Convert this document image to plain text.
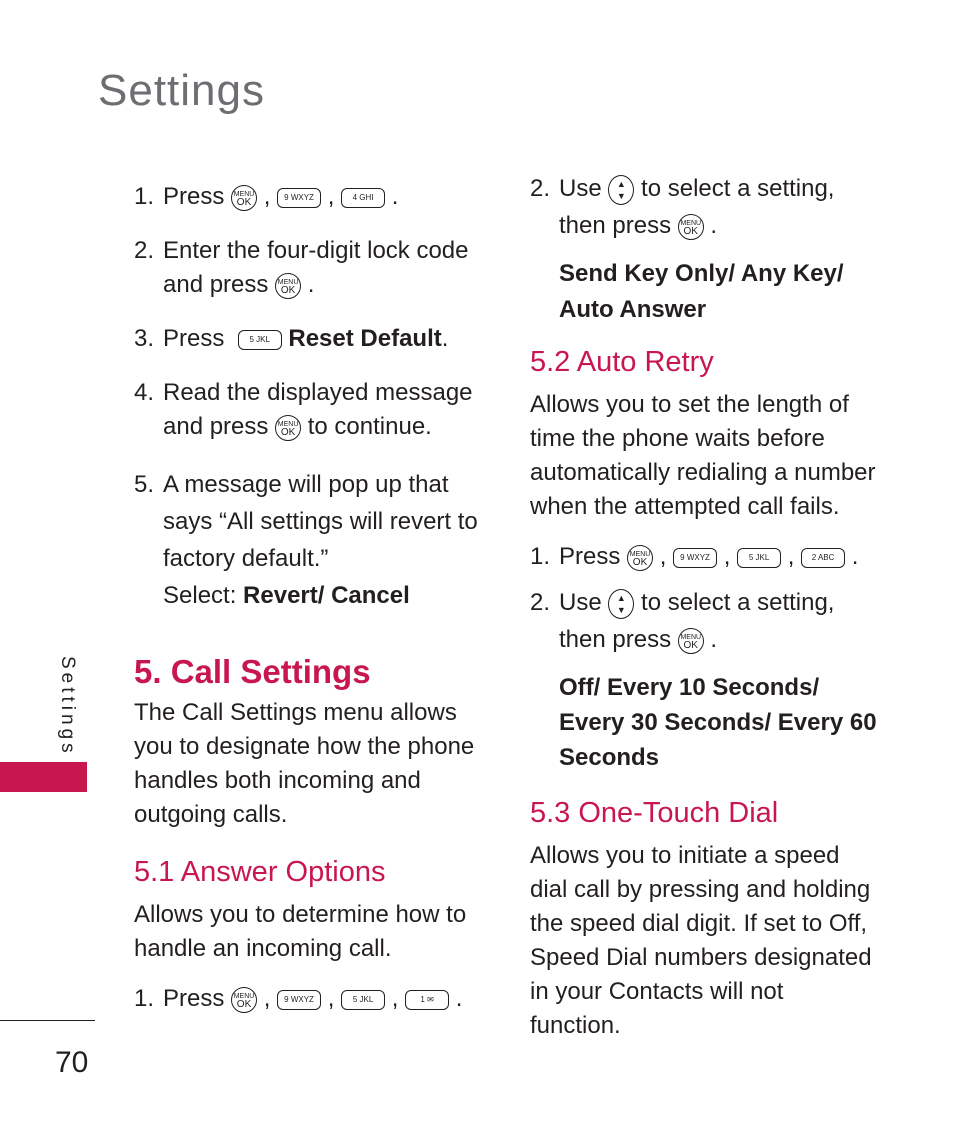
Settings
Settings
70

1. Press MENU
OK , 9 WXYZ , 4 GHI .

2. Enter the four-digit lock code
and press MENU
OK .

3. Press	5 JKL Reset Default.

4. Read the displayed message
and press MENU
OK to continue.

5. A message will pop up that
says “All settings will revert to
factory default.”
Select: Revert/ Cancel

5. Call Settings

The Call Settings menu allows you to designate how the phone handles both incoming and outgoing calls.

5.1 Answer Options

Allows you to determine how to handle an incoming call.

1. Press MENU
OK , 9 WXYZ , 5 JKL , 1 ✉ .

2. Use ▲
▼ to select a setting,
then press MENU
OK .

Send Key Only/ Any Key/ Auto Answer

5.2 Auto Retry

Allows you to set the length of time the phone waits before automatically redialing a number when the attempted call fails.

1. Press MENU
OK , 9 WXYZ , 5 JKL , 2 ABC .

2. Use ▲
▼ to select a setting,
then press MENU
OK .

Off/ Every 10 Seconds/ Every 30 Seconds/ Every 60 Seconds

5.3 One-Touch Dial

Allows you to initiate a speed dial call by pressing and holding the speed dial digit. If set to Off, Speed Dial numbers designated in your Contacts will not function.
